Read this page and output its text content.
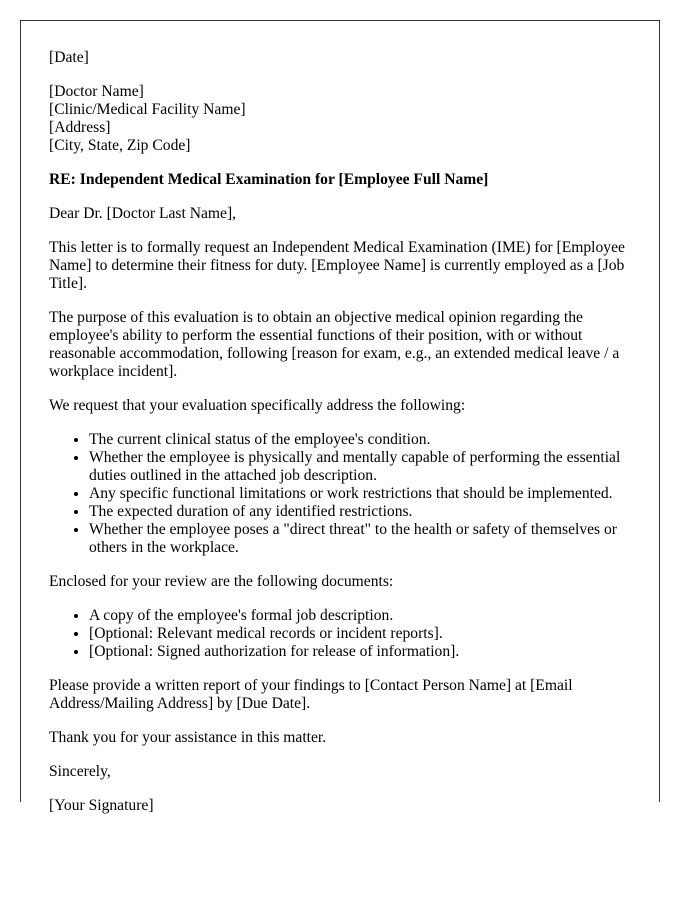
[Date]

[Doctor Name]
[Clinic/Medical Facility Name]
[Address]
[City, State, Zip Code]

RE: Independent Medical Examination for [Employee Full Name]

Dear Dr. [Doctor Last Name],

This letter is to formally request an Independent Medical Examination (IME) for [Employee Name] to determine their fitness for duty. [Employee Name] is currently employed as a [Job Title].

The purpose of this evaluation is to obtain an objective medical opinion regarding the employee's ability to perform the essential functions of their position, with or without reasonable accommodation, following [reason for exam, e.g., an extended medical leave / a workplace incident].

We request that your evaluation specifically address the following:

• The current clinical status of the employee's condition.
• Whether the employee is physically and mentally capable of performing the essential duties outlined in the attached job description.
• Any specific functional limitations or work restrictions that should be implemented.
• The expected duration of any identified restrictions.
• Whether the employee poses a "direct threat" to the health or safety of themselves or others in the workplace.

Enclosed for your review are the following documents:

• A copy of the employee's formal job description.
• [Optional: Relevant medical records or incident reports].
• [Optional: Signed authorization for release of information].

Please provide a written report of your findings to [Contact Person Name] at [Email Address/Mailing Address] by [Due Date].

Thank you for your assistance in this matter.

Sincerely,

[Your Signature]
